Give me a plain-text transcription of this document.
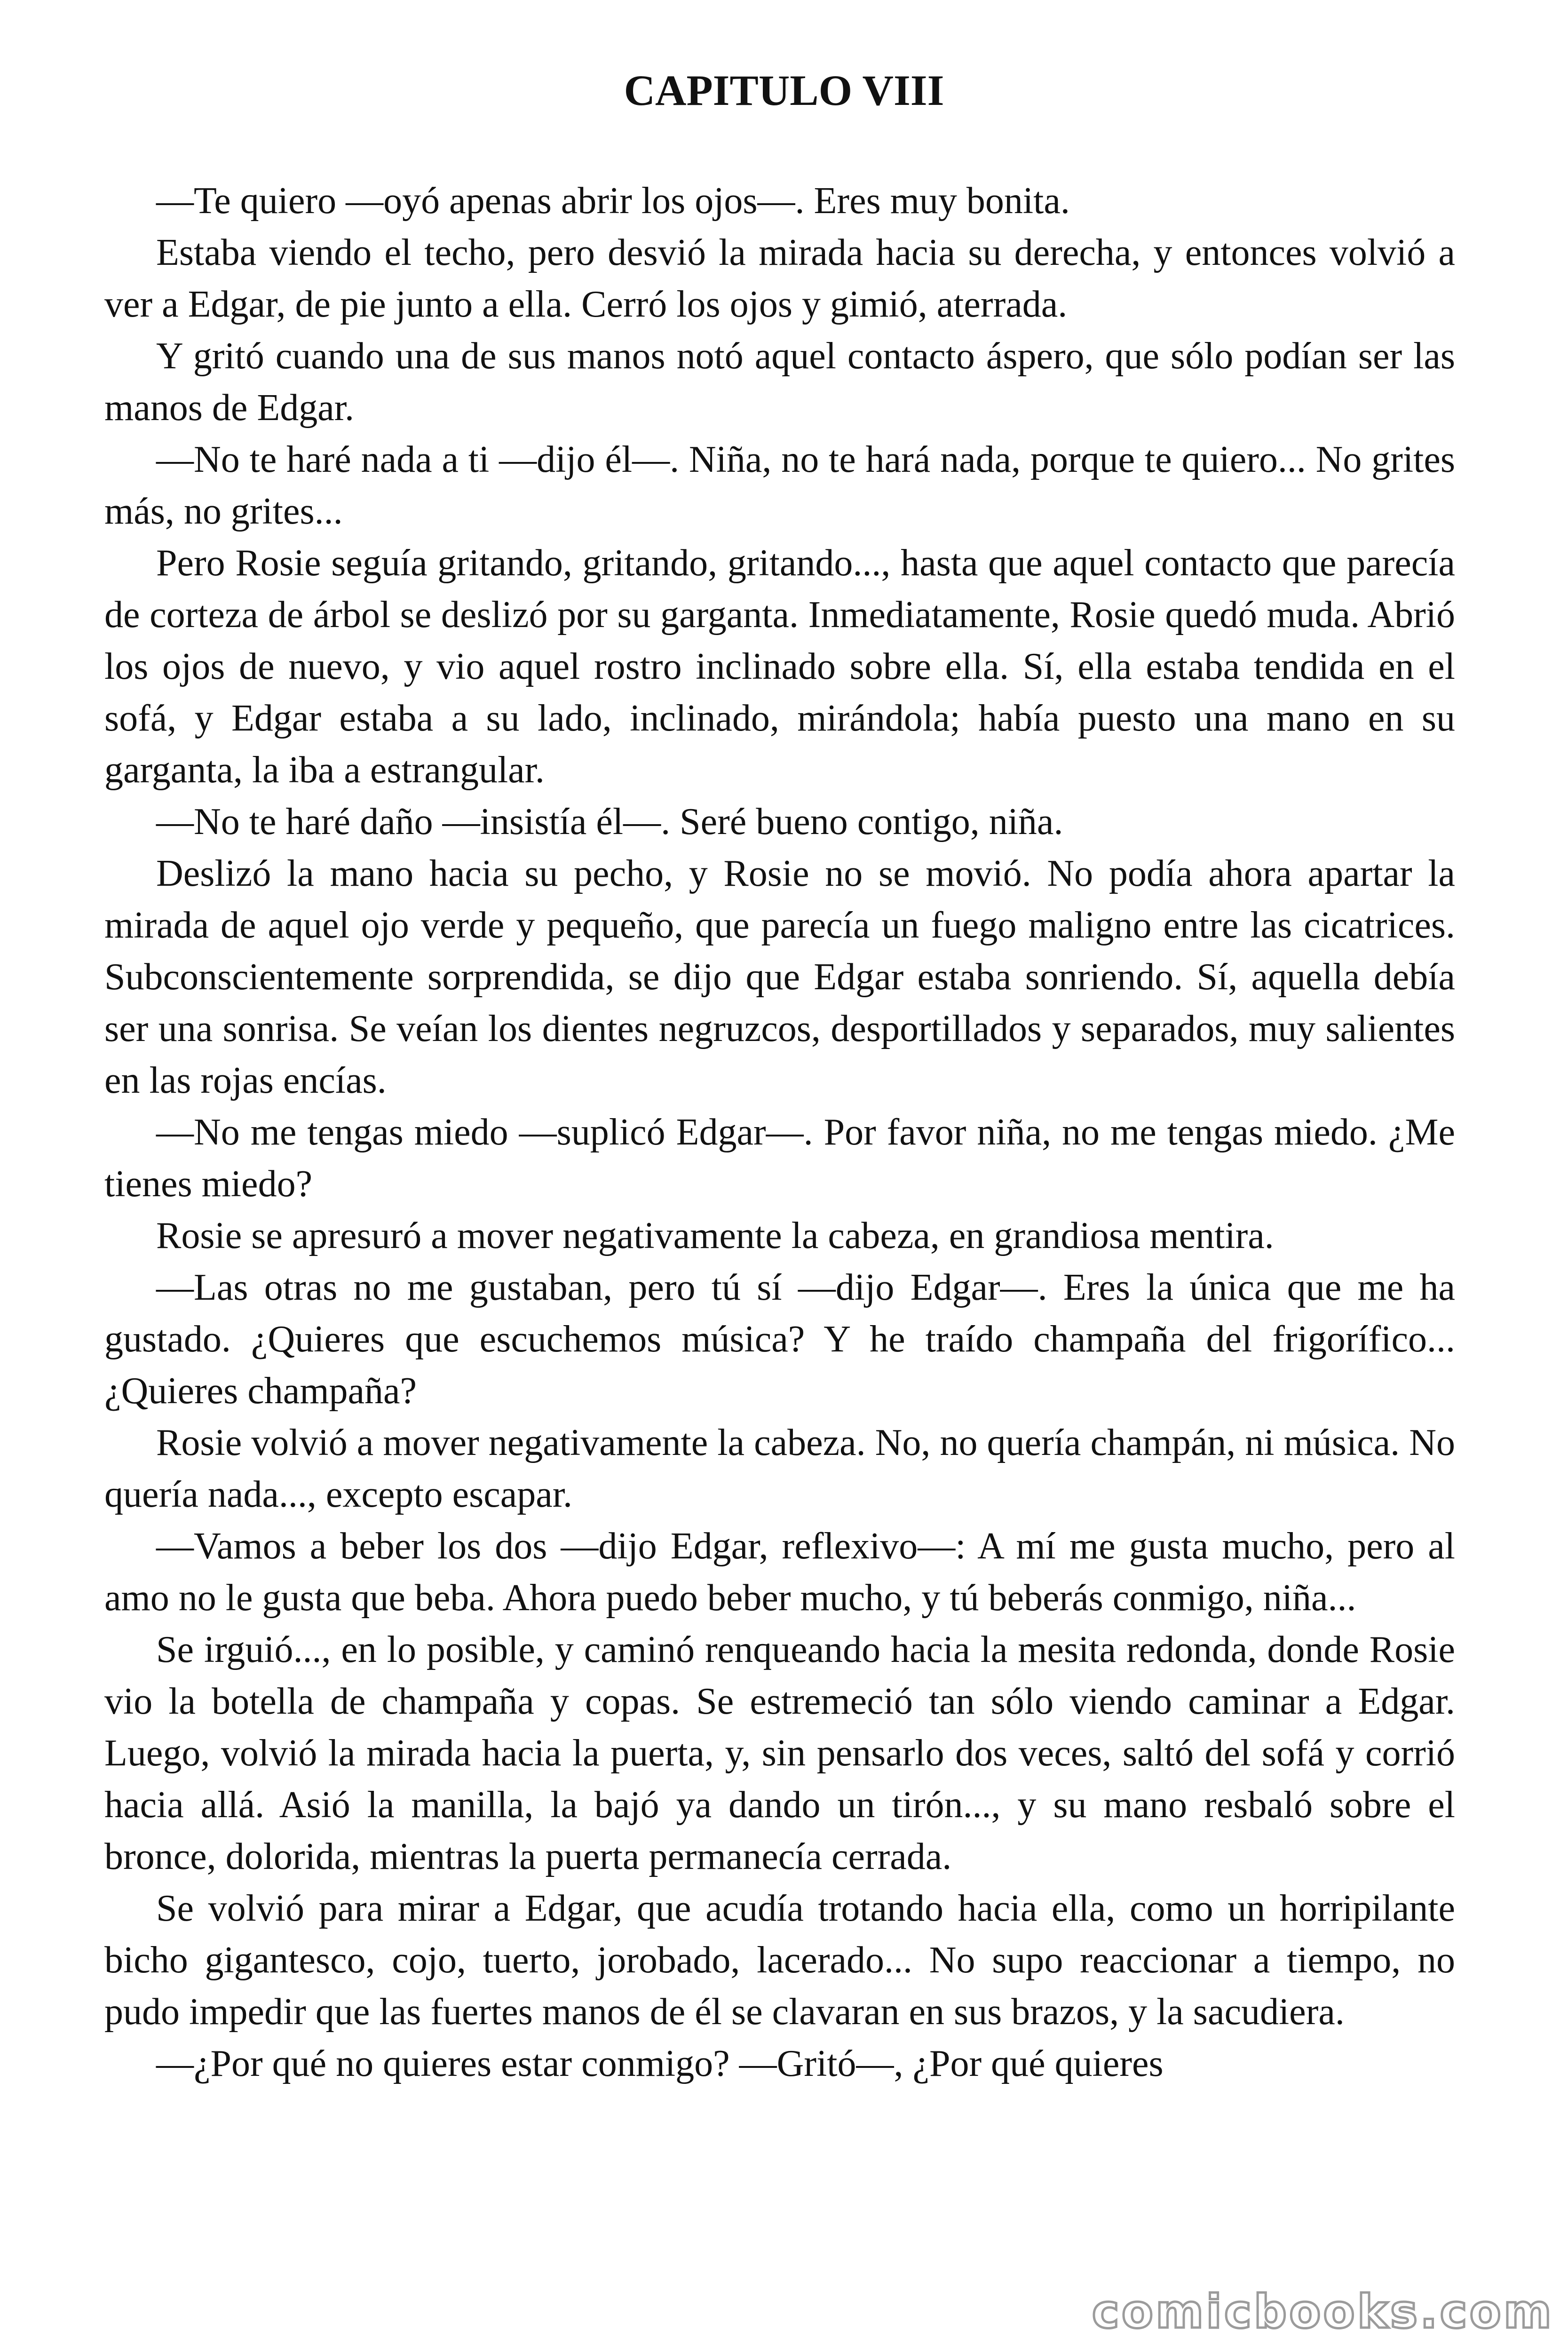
CAPITULO VIII

—Te quiero —oyó apenas abrir los ojos—. Eres muy bonita.

Estaba viendo el techo, pero desvió la mirada hacia su derecha, y entonces volvió a ver a Edgar, de pie junto a ella. Cerró los ojos y gimió, aterrada.

Y gritó cuando una de sus manos notó aquel contacto áspero, que sólo podían ser las manos de Edgar.

—No te haré nada a ti —dijo él—. Niña, no te hará nada, porque te quiero... No grites más, no grites...

Pero Rosie seguía gritando, gritando, gritando..., hasta que aquel contacto que parecía de corteza de árbol se deslizó por su garganta. Inmediatamente, Rosie quedó muda. Abrió los ojos de nuevo, y vio aquel rostro inclinado sobre ella. Sí, ella estaba tendida en el sofá, y Edgar estaba a su lado, inclinado, mirándola; había puesto una mano en su garganta, la iba a estrangular.

—No te haré daño —insistía él—. Seré bueno contigo, niña.

Deslizó la mano hacia su pecho, y Rosie no se movió. No podía ahora apartar la mirada de aquel ojo verde y pequeño, que parecía un fuego maligno entre las cicatrices. Subconscientemente sorprendida, se dijo que Edgar estaba sonriendo. Sí, aquella debía ser una sonrisa. Se veían los dientes negruzcos, desportillados y separados, muy salientes en las rojas encías.

—No me tengas miedo —suplicó Edgar—. Por favor niña, no me tengas miedo. ¿Me tienes miedo?

Rosie se apresuró a mover negativamente la cabeza, en grandiosa mentira.

—Las otras no me gustaban, pero tú sí —dijo Edgar—. Eres la única que me ha gustado. ¿Quieres que escuchemos música? Y he traído champaña del frigorífico... ¿Quieres champaña?

Rosie volvió a mover negativamente la cabeza. No, no quería champán, ni música. No quería nada..., excepto escapar.

—Vamos a beber los dos —dijo Edgar, reflexivo—: A mí me gusta mucho, pero al amo no le gusta que beba. Ahora puedo beber mucho, y tú beberás conmigo, niña...

Se irguió..., en lo posible, y caminó renqueando hacia la mesita redonda, donde Rosie vio la botella de champaña y copas. Se estremeció tan sólo viendo caminar a Edgar. Luego, volvió la mirada hacia la puerta, y, sin pensarlo dos veces, saltó del sofá y corrió hacia allá. Asió la manilla, la bajó ya dando un tirón..., y su mano resbaló sobre el bronce, dolorida, mientras la puerta permanecía cerrada.

Se volvió para mirar a Edgar, que acudía trotando hacia ella, como un horripilante bicho gigantesco, cojo, tuerto, jorobado, lacerado... No supo reaccionar a tiempo, no pudo impedir que las fuertes manos de él se clavaran en sus brazos, y la sacudiera.

—¿Por qué no quieres estar conmigo? —Gritó—, ¿Por qué quieres

comicbooks.com
